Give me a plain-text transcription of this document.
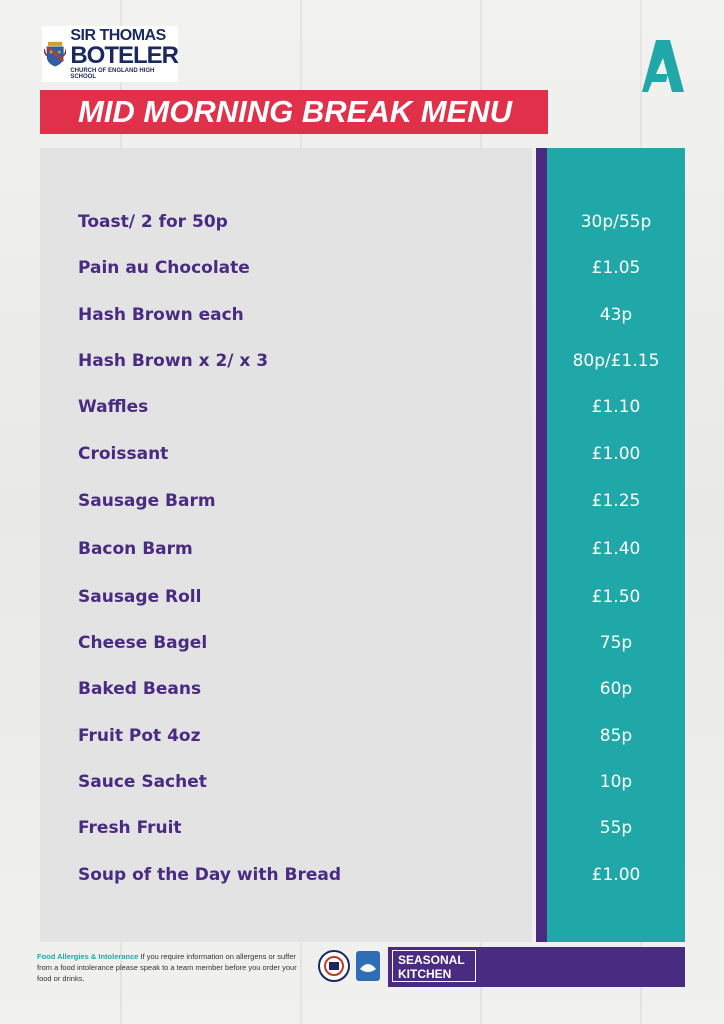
SIR THOMAS
BOTELER
CHURCH OF ENGLAND HIGH SCHOOL
MID MORNING BREAK MENU
Toast/ 2 for 50p	30p/55p
Pain au Chocolate	£1.05
Hash Brown each	43p
Hash Brown x 2/ x 3	80p/£1.15
Waffles	£1.10
Croissant	£1.00
Sausage Barm	£1.25
Bacon Barm	£1.40
Sausage Roll	£1.50
Cheese Bagel	75p
Baked Beans	60p
Fruit Pot 4oz	85p
Sauce Sachet	10p
Fresh Fruit	55p
Soup of the Day with Bread	£1.00
Food Allergies & Intolerance If you require information on allergens or suffer from a food intolerance please speak to a team member before you order your food or drinks.
SEASONAL
KITCHEN
